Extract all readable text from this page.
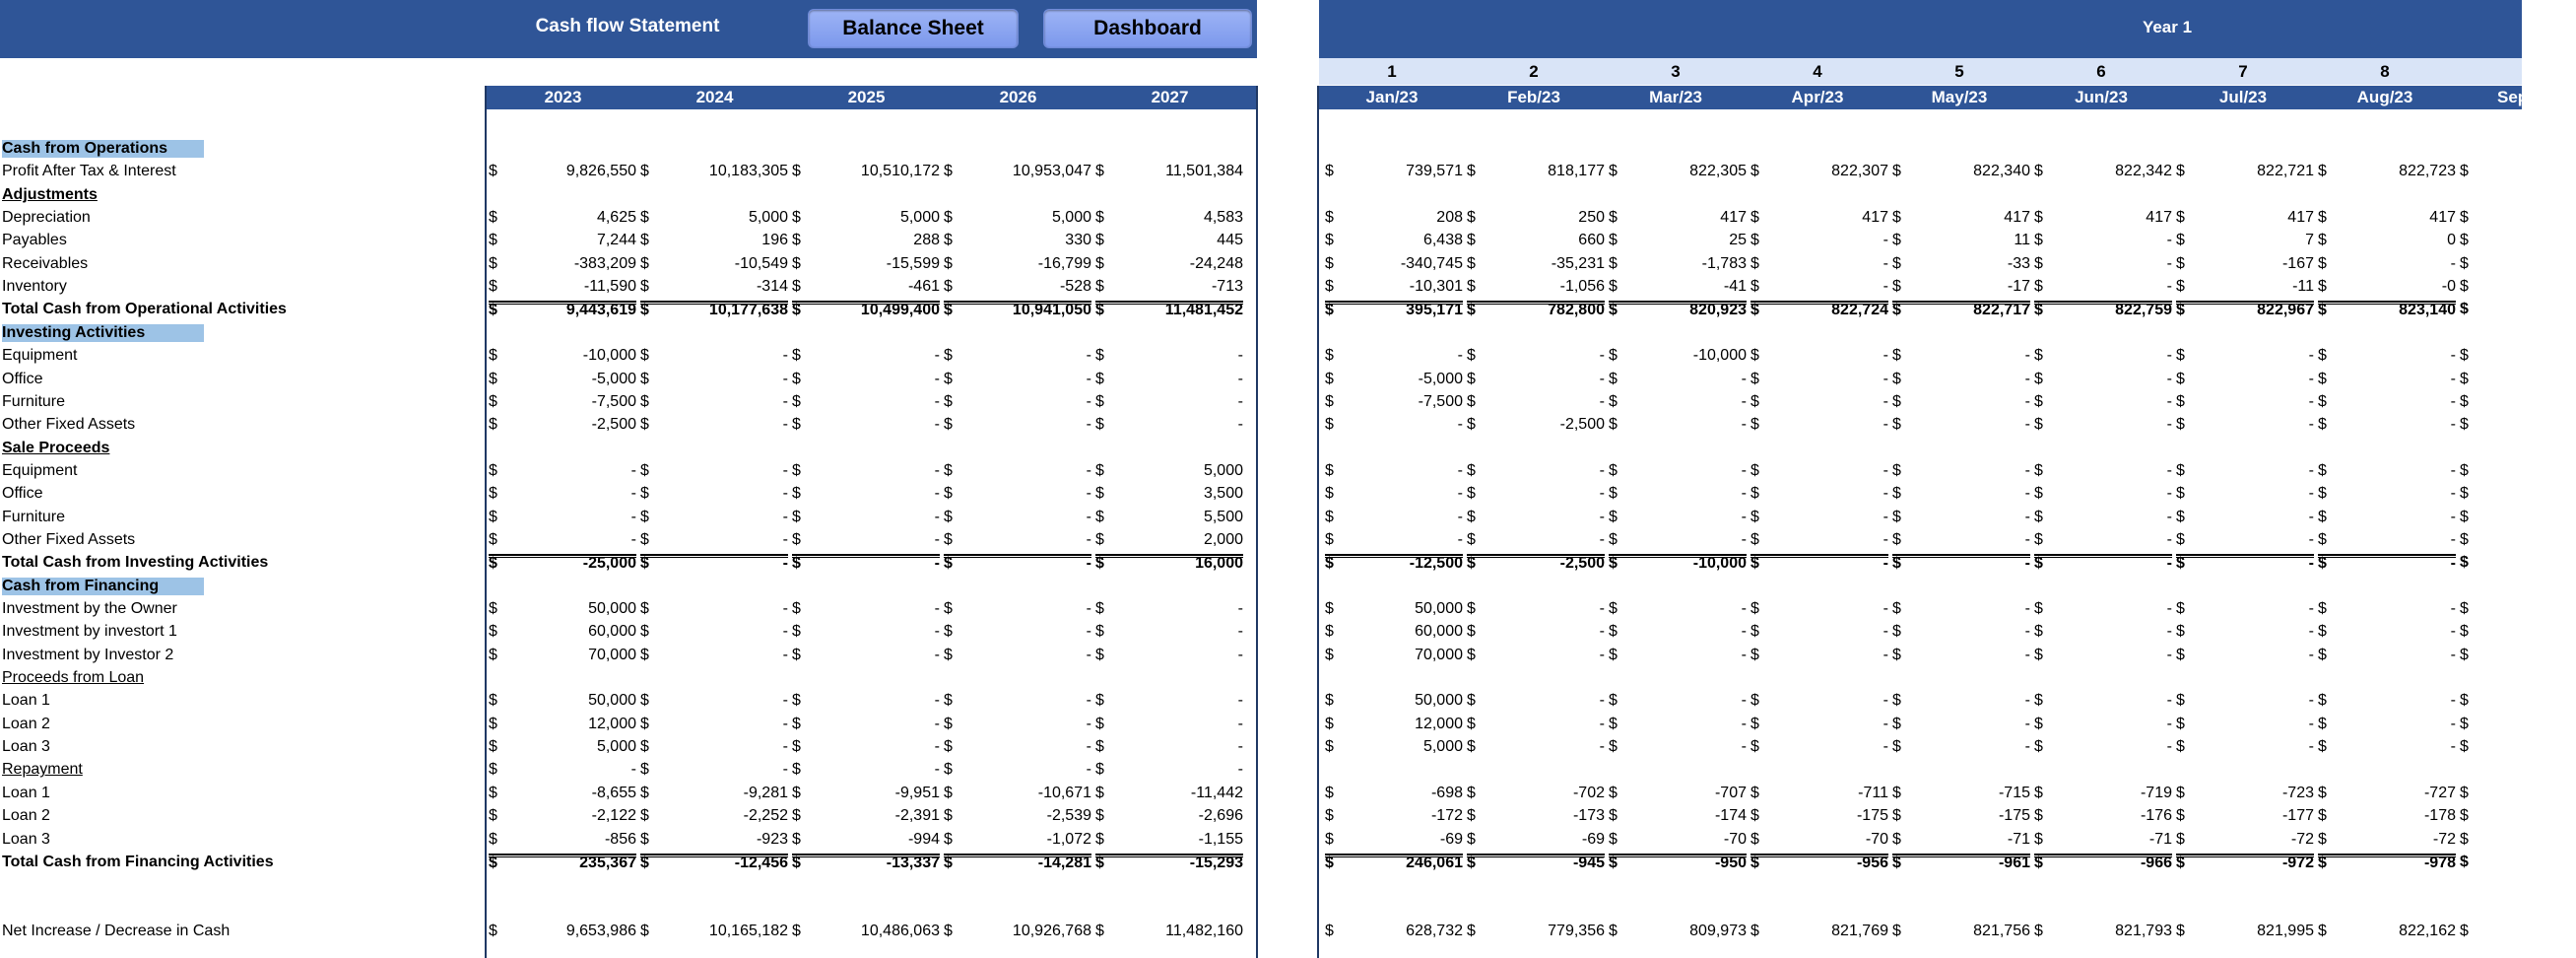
Cash flow Statement	Balance Sheet	Dashboard	Year 1
2023	2024	2025	2026	2027	Jan/23	Feb/23	Mar/23	Apr/23	May/23	Jun/23	Jul/23	Aug/23	Sep
1	2	3	4	5	6	7	8
Cash from Operations
Profit After Tax & Interest	$	9,826,550 $	10,183,305 $	10,510,172 $	10,953,047 $	11,501,384	$	739,571 $	818,177 $	822,305 $	822,307 $	822,340 $	822,342 $	822,721 $	822,723 $
Adjustments
Depreciation	$	4,625 $	5,000 $	5,000 $	5,000 $	4,583	$	208 $	250 $	417 $	417 $	417 $	417 $	417 $	417 $
Payables	$	7,244 $	196 $	288 $	330 $	445	$	6,438 $	660 $	25 $	- $	11 $	- $	7 $	0 $
Receivables	$	-383,209 $	-10,549 $	-15,599 $	-16,799 $	-24,248	$	-340,745 $	-35,231 $	-1,783 $	- $	-33 $	- $	-167 $	- $
Inventory	$	-11,590 $	-314 $	-461 $	-528 $	-713	$	-10,301 $	-1,056 $	-41 $	- $	-17 $	- $	-11 $	-0 $
Total Cash from Operational Activities	$	9,443,619 $	10,177,638 $	10,499,400 $	10,941,050 $	11,481,452	$	395,171 $	782,800 $	820,923 $	822,724 $	822,717 $	822,759 $	822,967 $	823,140 $
Investing Activities
Equipment	$	-10,000 $	- $	- $	- $	-	$	- $	- $	-10,000 $	- $	- $	- $	- $	- $
Office	$	-5,000 $	- $	- $	- $	-	$	-5,000 $	- $	- $	- $	- $	- $	- $	- $
Furniture	$	-7,500 $	- $	- $	- $	-	$	-7,500 $	- $	- $	- $	- $	- $	- $	- $
Other Fixed Assets	$	-2,500 $	- $	- $	- $	-	$	- $	-2,500 $	- $	- $	- $	- $	- $	- $
Sale Proceeds
Equipment	$	- $	- $	- $	- $	5,000	$	- $	- $	- $	- $	- $	- $	- $	- $
Office	$	- $	- $	- $	- $	3,500	$	- $	- $	- $	- $	- $	- $	- $	- $
Furniture	$	- $	- $	- $	- $	5,500	$	- $	- $	- $	- $	- $	- $	- $	- $
Other Fixed Assets	$	- $	- $	- $	- $	2,000	$	- $	- $	- $	- $	- $	- $	- $	- $
Total Cash from Investing Activities	$	-25,000 $	- $	- $	- $	16,000	$	-12,500 $	-2,500 $	-10,000 $	- $	- $	- $	- $	- $
Cash from Financing
Investment by the Owner	$	50,000 $	- $	- $	- $	-	$	50,000 $	- $	- $	- $	- $	- $	- $	- $
Investment by investort 1	$	60,000 $	- $	- $	- $	-	$	60,000 $	- $	- $	- $	- $	- $	- $	- $
Investment by Investor 2	$	70,000 $	- $	- $	- $	-	$	70,000 $	- $	- $	- $	- $	- $	- $	- $
Proceeds from Loan
Loan 1	$	50,000 $	- $	- $	- $	-	$	50,000 $	- $	- $	- $	- $	- $	- $	- $
Loan 2	$	12,000 $	- $	- $	- $	-	$	12,000 $	- $	- $	- $	- $	- $	- $	- $
Loan 3	$	5,000 $	- $	- $	- $	-	$	5,000 $	- $	- $	- $	- $	- $	- $	- $
Repayment	$	- $	- $	- $	- $	-
Loan 1	$	-8,655 $	-9,281 $	-9,951 $	-10,671 $	-11,442	$	-698 $	-702 $	-707 $	-711 $	-715 $	-719 $	-723 $	-727 $
Loan 2	$	-2,122 $	-2,252 $	-2,391 $	-2,539 $	-2,696	$	-172 $	-173 $	-174 $	-175 $	-175 $	-176 $	-177 $	-178 $
Loan 3	$	-856 $	-923 $	-994 $	-1,072 $	-1,155	$	-69 $	-69 $	-70 $	-70 $	-71 $	-71 $	-72 $	-72 $
Total Cash from Financing Activities	$	235,367 $	-12,456 $	-13,337 $	-14,281 $	-15,293	$	246,061 $	-945 $	-950 $	-956 $	-961 $	-966 $	-972 $	-978 $
Net Increase / Decrease in Cash	$	9,653,986 $	10,165,182 $	10,486,063 $	10,926,768 $	11,482,160	$	628,732 $	779,356 $	809,973 $	821,769 $	821,756 $	821,793 $	821,995 $	822,162 $
